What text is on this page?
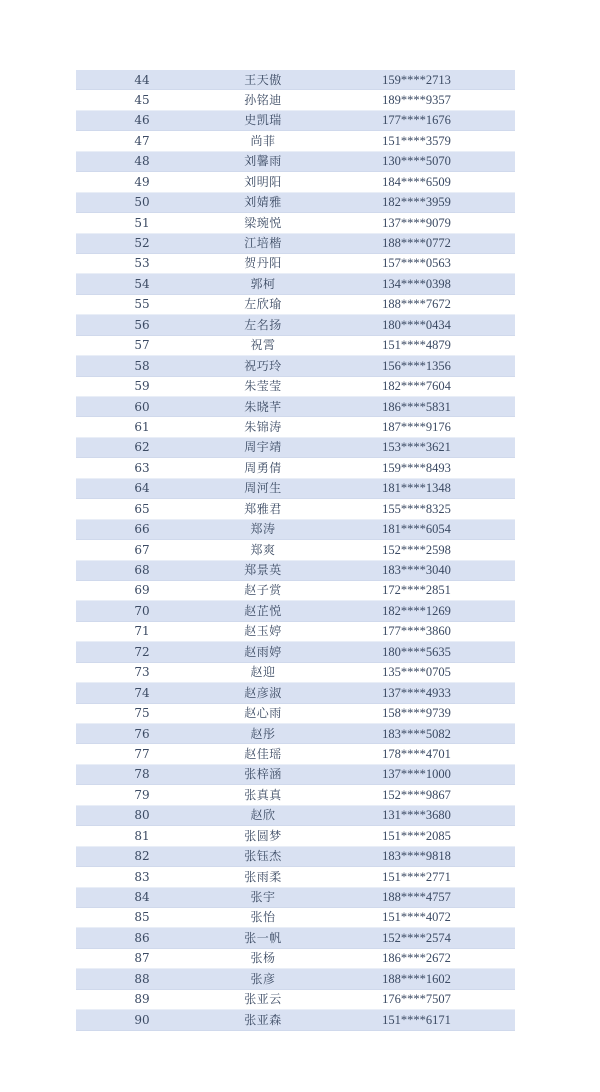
44	王天傲	159****2713
45	孙铭迪	189****9357
46	史凯瑞	177****1676
47	尚菲	151****3579
48	刘馨雨	130****5070
49	刘明阳	184****6509
50	刘婧雅	182****3959
51	梁琬悦	137****9079
52	江培楷	188****0772
53	贺丹阳	157****0563
54	郭柯	134****0398
55	左欣瑜	188****7672
56	左名扬	180****0434
57	祝霄	151****4879
58	祝巧玲	156****1356
59	朱莹莹	182****7604
60	朱晓芊	186****5831
61	朱锦涛	187****9176
62	周宇靖	153****3621
63	周勇倩	159****8493
64	周河生	181****1348
65	郑雅君	155****8325
66	郑涛	181****6054
67	郑爽	152****2598
68	郑景英	183****3040
69	赵子赏	172****2851
70	赵芷悦	182****1269
71	赵玉婷	177****3860
72	赵雨婷	180****5635
73	赵迎	135****0705
74	赵彦淑	137****4933
75	赵心雨	158****9739
76	赵彤	183****5082
77	赵佳瑶	178****4701
78	张梓涵	137****1000
79	张真真	152****9867
80	赵欣	131****3680
81	张圆梦	151****2085
82	张钰杰	183****9818
83	张雨柔	151****2771
84	张宇	188****4757
85	张怡	151****4072
86	张一帆	152****2574
87	张杨	186****2672
88	张彦	188****1602
89	张亚云	176****7507
90	张亚森	151****6171
